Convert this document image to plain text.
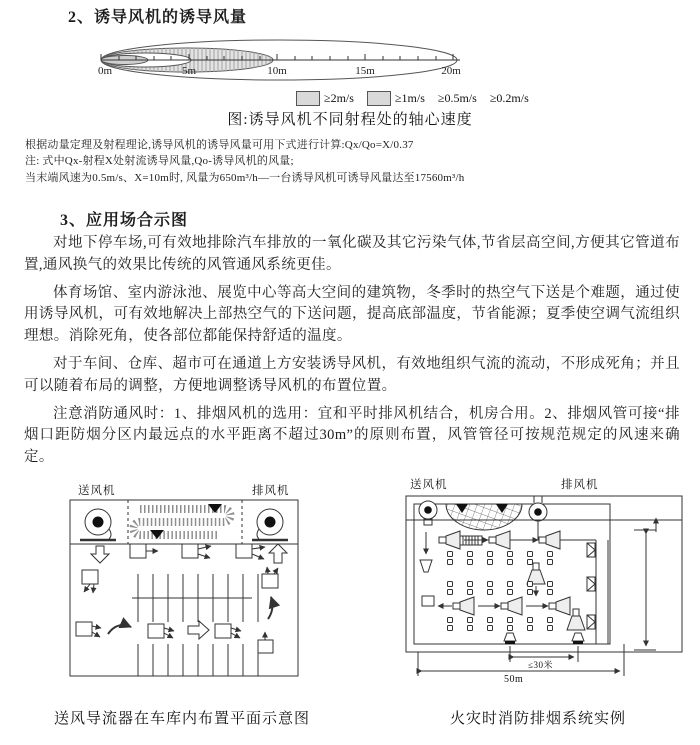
2、诱导风机的诱导风量
0m	5m	10m	15m	20m
≥2m/s	≥1m/s ≥0.5m/s ≥0.2m/s
图:诱导风机不同射程处的轴心速度
根据动量定理及射程理论,诱导风机的诱导风量可用下式进行计算:Qx/Qo=X/0.37
注: 式中Qx-射程X处射流诱导风量,Qo-诱导风机的风量;
当末端风速为0.5m/s、X=10m时, 风量为650m³/h—一台诱导风机可诱导风量达至17560m³/h
3、应用场合示图

对地下停车场,可有效地排除汽车排放的一氧化碳及其它污染气体,节省层高空间,方便其它管道布置,通风换气的效果比传统的风管通风系统更佳。

体育场馆、室内游泳池、展览中心等高大空间的建筑物，冬季时的热空气下送是个难题，通过使用诱导风机，可有效地解决上部热空气的下送问题，提高底部温度，节省能源；夏季使空调气流组织理想。消除死角，使各部位都能保持舒适的温度。

对于车间、仓库、超市可在通道上方安装诱导风机，有效地组织气流的流动，不形成死角；并且可以随着布局的调整，方便地调整诱导风机的布置位置。

注意消防通风时：1、排烟风机的选用：宜和平时排风机结合，机房合用。2、排烟风管可接“排烟口距防烟分区内最远点的水平距离不超过30m”的原则布置，风管管径可按规范规定的风速来确定。

送风机	排风机	送风机	排风机
≤30米
50m
送风导流器在车库内布置平面示意图	火灾时消防排烟系统实例
